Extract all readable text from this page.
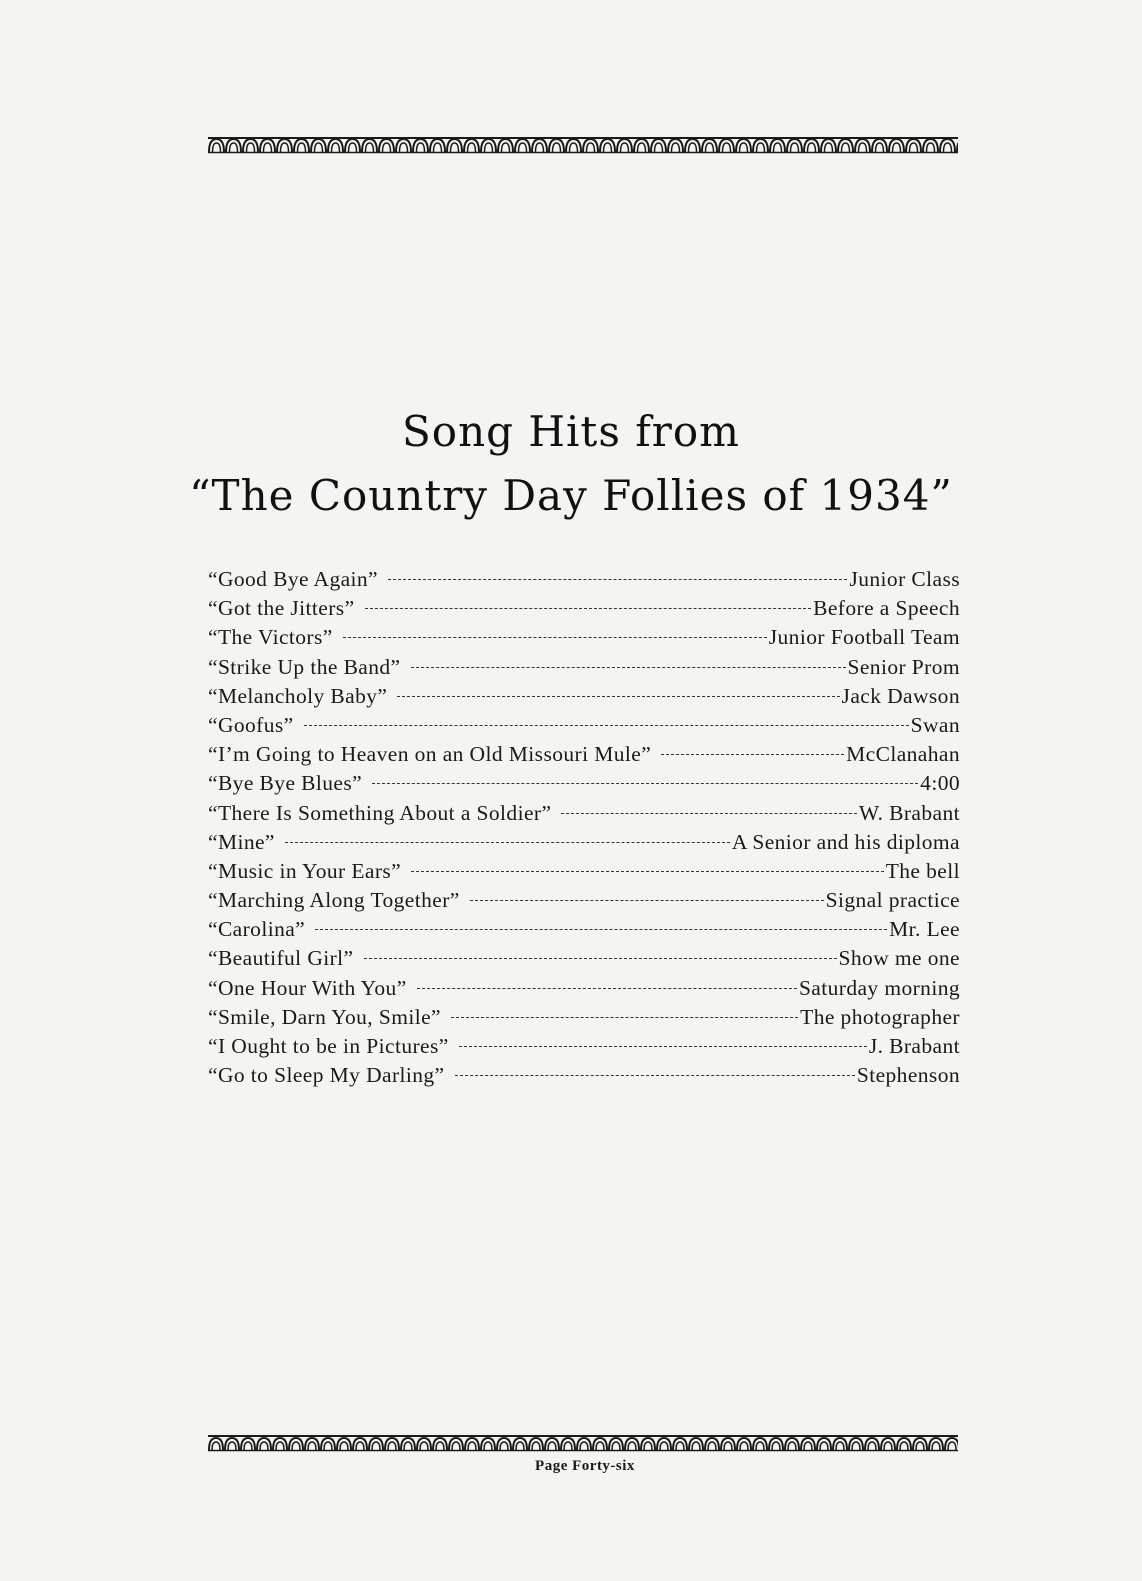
Song Hits from
“The Country Day Follies of 1934”
“Good Bye Again”	Junior Class
“Got the Jitters”	Before a Speech
“The Victors”	Junior Football Team
“Strike Up the Band”	Senior Prom
“Melancholy Baby”	Jack Dawson
“Goofus”	Swan
“I’m Going to Heaven on an Old Missouri Mule”	McClanahan
“Bye Bye Blues”	4:00
“There Is Something About a Soldier”	W. Brabant
“Mine”	A Senior and his diploma
“Music in Your Ears”	The bell
“Marching Along Together”	Signal practice
“Carolina”	Mr. Lee
“Beautiful Girl”	Show me one
“One Hour With You”	Saturday morning
“Smile, Darn You, Smile”	The photographer
“I Ought to be in Pictures”	J. Brabant
“Go to Sleep My Darling”	Stephenson
Page Forty-six
